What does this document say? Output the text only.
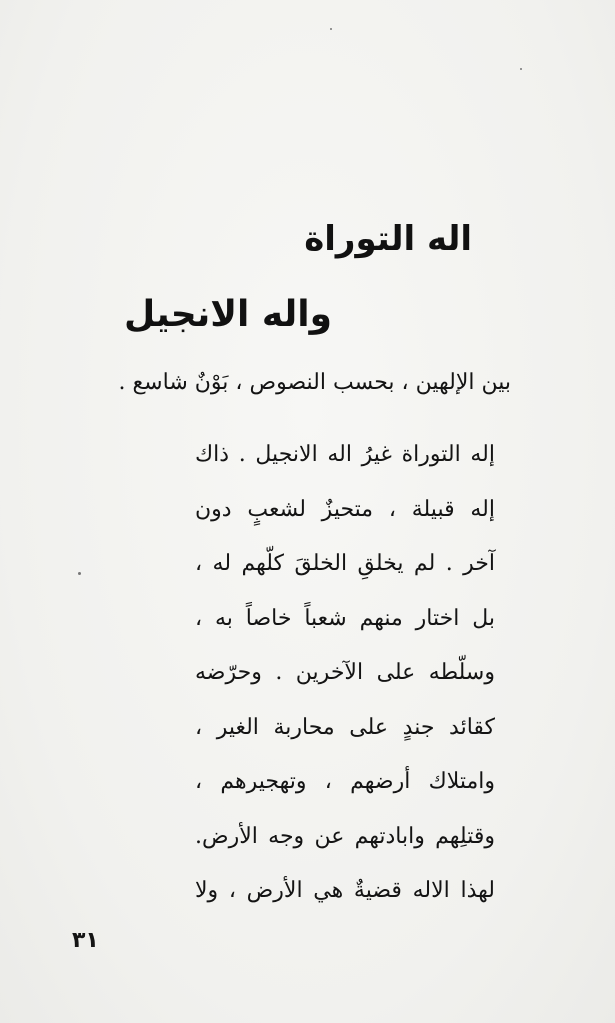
اله التوراة
واله الانجيل
بين الإلهين ، بحسب النصوص ، بَوْنٌ شاسع .
إله التوراة غيرُ اله الانجيل . ذاك
إله قبيلة ، متحيزٌ لشعبٍ دون
آخر . لم يخلقِ الخلقَ كلّهم له ،
بل اختار منهم شعباً خاصاً به ،
وسلّطه على الآخرين . وحرّضه
كقائد جندٍ على محاربة الغير ،
وامتلاك أرضهم ، وتهجيرهم ،
وقتلِهم وابادتهم عن وجه الأرض.
لهذا الاله قضيةٌ هي الأرض ، ولا
٣١
